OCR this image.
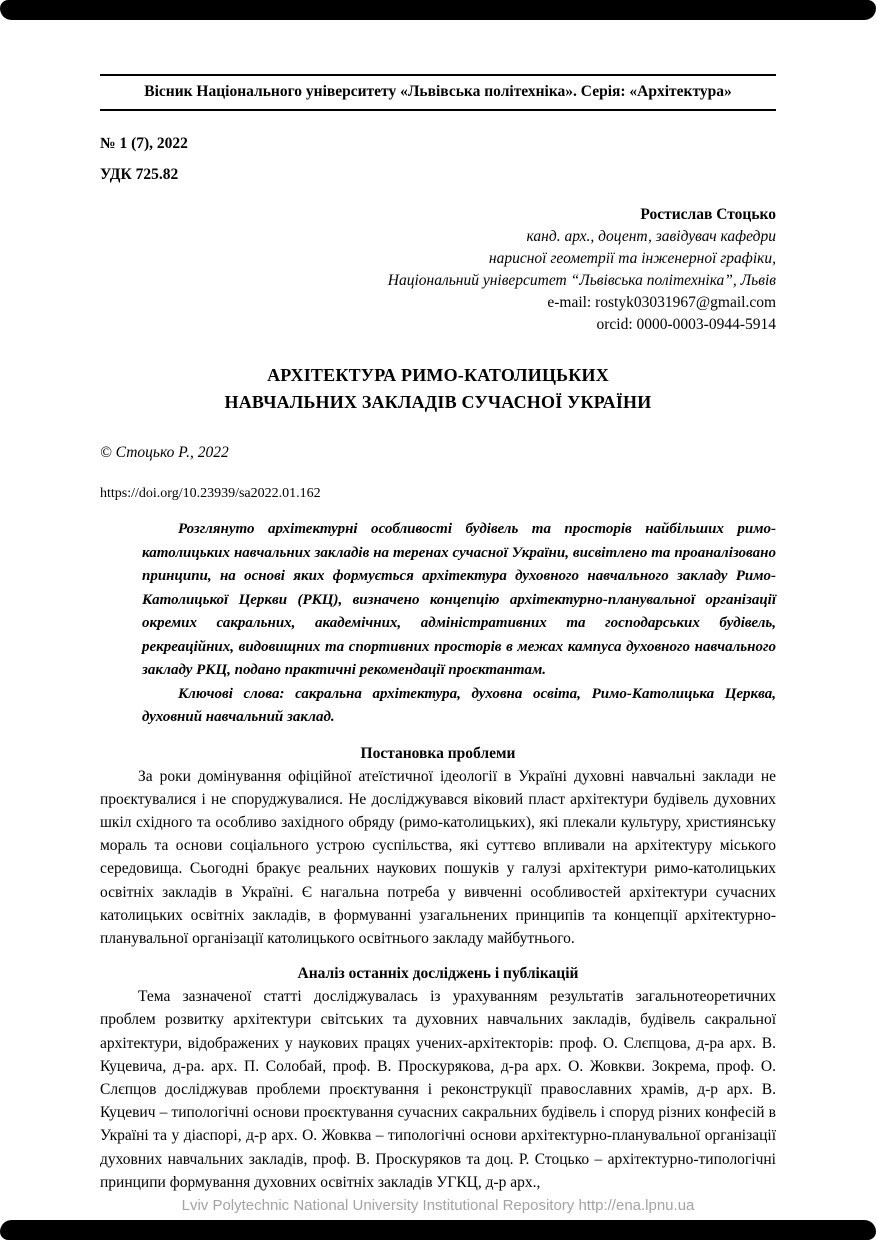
Вісник Національного університету «Львівська політехніка». Серія: «Архітектура»
№ 1 (7), 2022
УДК 725.82
Ростислав Стоцько
канд. арх., доцент, завідувач кафедри
нарисної геометрії та інженерної графіки,
Національний університет “Львівська політехніка”, Львів
e-mail: rostyk03031967@gmail.com
orcid: 0000-0003-0944-5914
АРХІТЕКТУРА РИМО-КАТОЛИЦЬКИХ
НАВЧАЛЬНИХ ЗАКЛАДІВ СУЧАСНОЇ УКРАЇНИ
© Стоцько Р., 2022
https://doi.org/10.23939/sa2022.01.162

Розглянуто архітектурні особливості будівель та просторів найбільших римо-католицьких навчальних закладів на теренах сучасної України, висвітлено та проаналізовано принципи, на основі яких формується архітектура духовного навчального закладу Римо-Католицької Церкви (РКЦ), визначено концепцію архітектурно-планувальної організації окремих сакральних, академічних, адміністративних та господарських будівель, рекреаційних, видовищних та спортивних просторів в межах кампуса духовного навчального закладу РКЦ, подано практичні рекомендації проєктантам.

Ключові слова: сакральна архітектура, духовна освіта, Римо-Католицька Церква, духовний навчальний заклад.

Постановка проблеми

За роки домінування офіційної атеїстичної ідеології в Україні духовні навчальні заклади не проєктувалися і не споруджувалися. Не досліджувався віковий пласт архітектури будівель духовних шкіл східного та особливо західного обряду (римо-католицьких), які плекали культуру, християнську мораль та основи соціального устрою суспільства, які суттєво впливали на архітектуру міського середовища. Сьогодні бракує реальних наукових пошуків у галузі архітектури римо-католицьких освітніх закладів в Україні. Є нагальна потреба у вивченні особливостей архітектури сучасних католицьких освітніх закладів, в формуванні узагальнених принципів та концепції архітектурно-планувальної організації католицького освітнього закладу майбутнього.

Аналіз останніх досліджень і публікацій

Тема зазначеної статті досліджувалась із урахуванням результатів загальнотеоретичних проблем розвитку архітектури світських та духовних навчальних закладів, будівель сакральної архітектури, відображених у наукових працях учених-архітекторів: проф. О. Слєпцова, д-ра арх. В. Куцевича, д-ра. арх. П. Солобай, проф. В. Проскурякова, д-ра арх. О. Жовкви. Зокрема, проф. О. Слєпцов досліджував проблеми проєктування і реконструкції православних храмів, д-р арх. В. Куцевич – типологічні основи проєктування сучасних сакральних будівель і споруд різних конфесій в Україні та у діаспорі, д-р арх. О. Жовква – типологічні основи архітектурно-планувальної організації духовних навчальних закладів, проф. В. Проскуряков та доц. Р. Стоцько – архітектурно-типологічні принципи формування духовних освітніх закладів УГКЦ, д-р арх.,

Lviv Polytechnic National University Institutional Repository http://ena.lpnu.ua
